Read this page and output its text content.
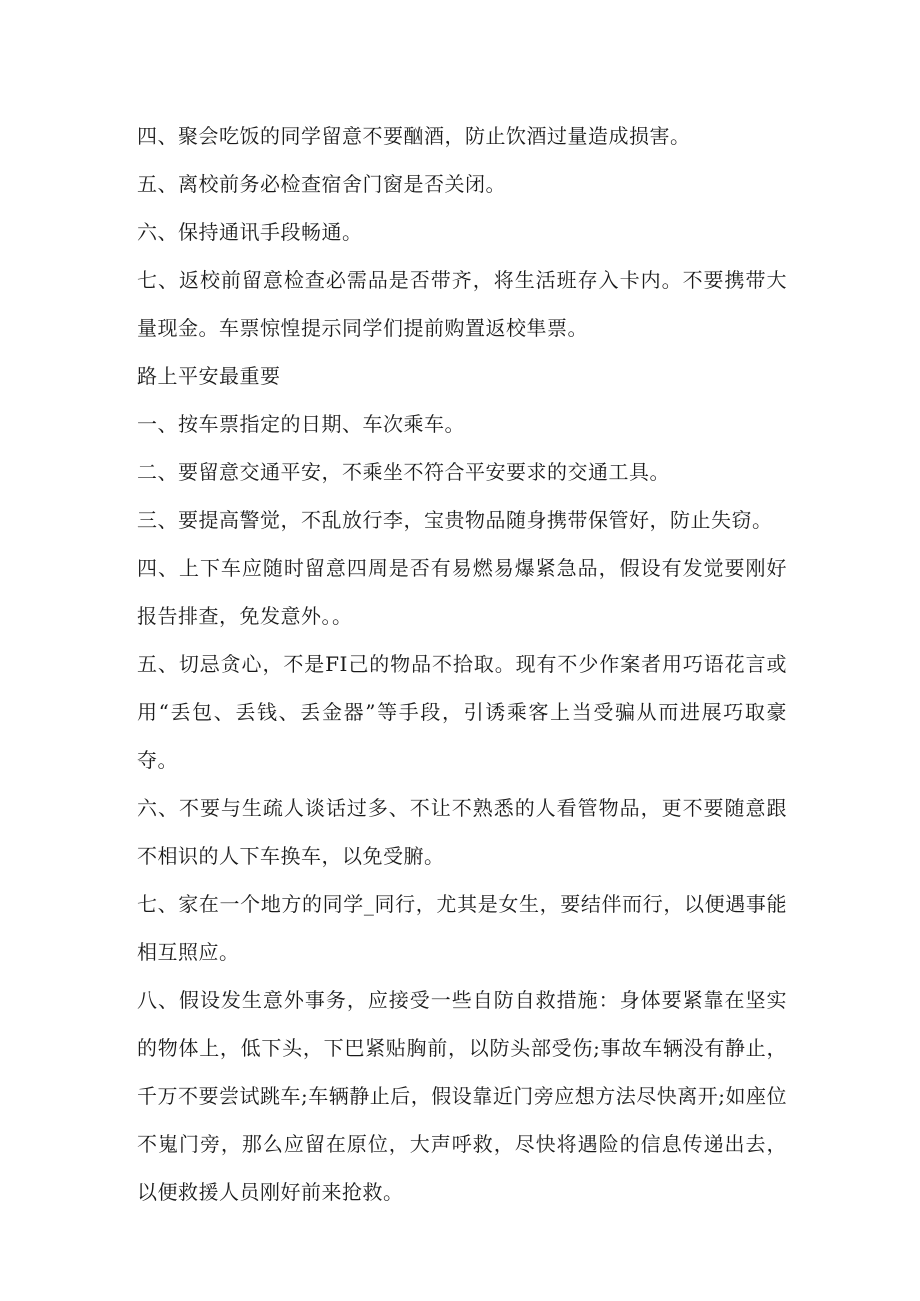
四、聚会吃饭的同学留意不要酗酒，防止饮酒过量造成损害。

五、离校前务必检查宿舍门窗是否关闭。

六、保持通讯手段畅通。

七、返校前留意检查必需品是否带齐，将生活班存入卡内。不要携带大量现金。车票惊惶提示同学们提前购置返校隼票。

路上平安最重要

一、按车票指定的日期、车次乘车。

二、要留意交通平安，不乘坐不符合平安要求的交通工具。

三、要提高警觉，不乱放行李，宝贵物品随身携带保管好，防止失窃。

四、上下车应随时留意四周是否有易燃易爆紧急品，假设有发觉要刚好报告排查，免发意外。。

五、切忌贪心，不是FI己的物品不拾取。现有不少作案者用巧语花言或用“丢包、丢钱、丢金器”等手段，引诱乘客上当受骗从而进展巧取豪夺。

六、不要与生疏人谈话过多、不让不熟悉的人看管物品，更不要随意跟不相识的人下车换车，以免受腑。

七、家在一个地方的同学_同行，尤其是女生，要结伴而行，以便遇事能相互照应。

八、假设发生意外事务，应接受一些自防自救措施：身体要紧靠在坚实的物体上，低下头，下巴紧贴胸前，以防头部受伤;事故车辆没有静止，千万不要尝试跳车;车辆静止后，假设靠近门旁应想方法尽快离开;如座位不嵬门旁，那么应留在原位，大声呼救，尽快将遇险的信息传递出去，以便救援人员刚好前来抢救。
